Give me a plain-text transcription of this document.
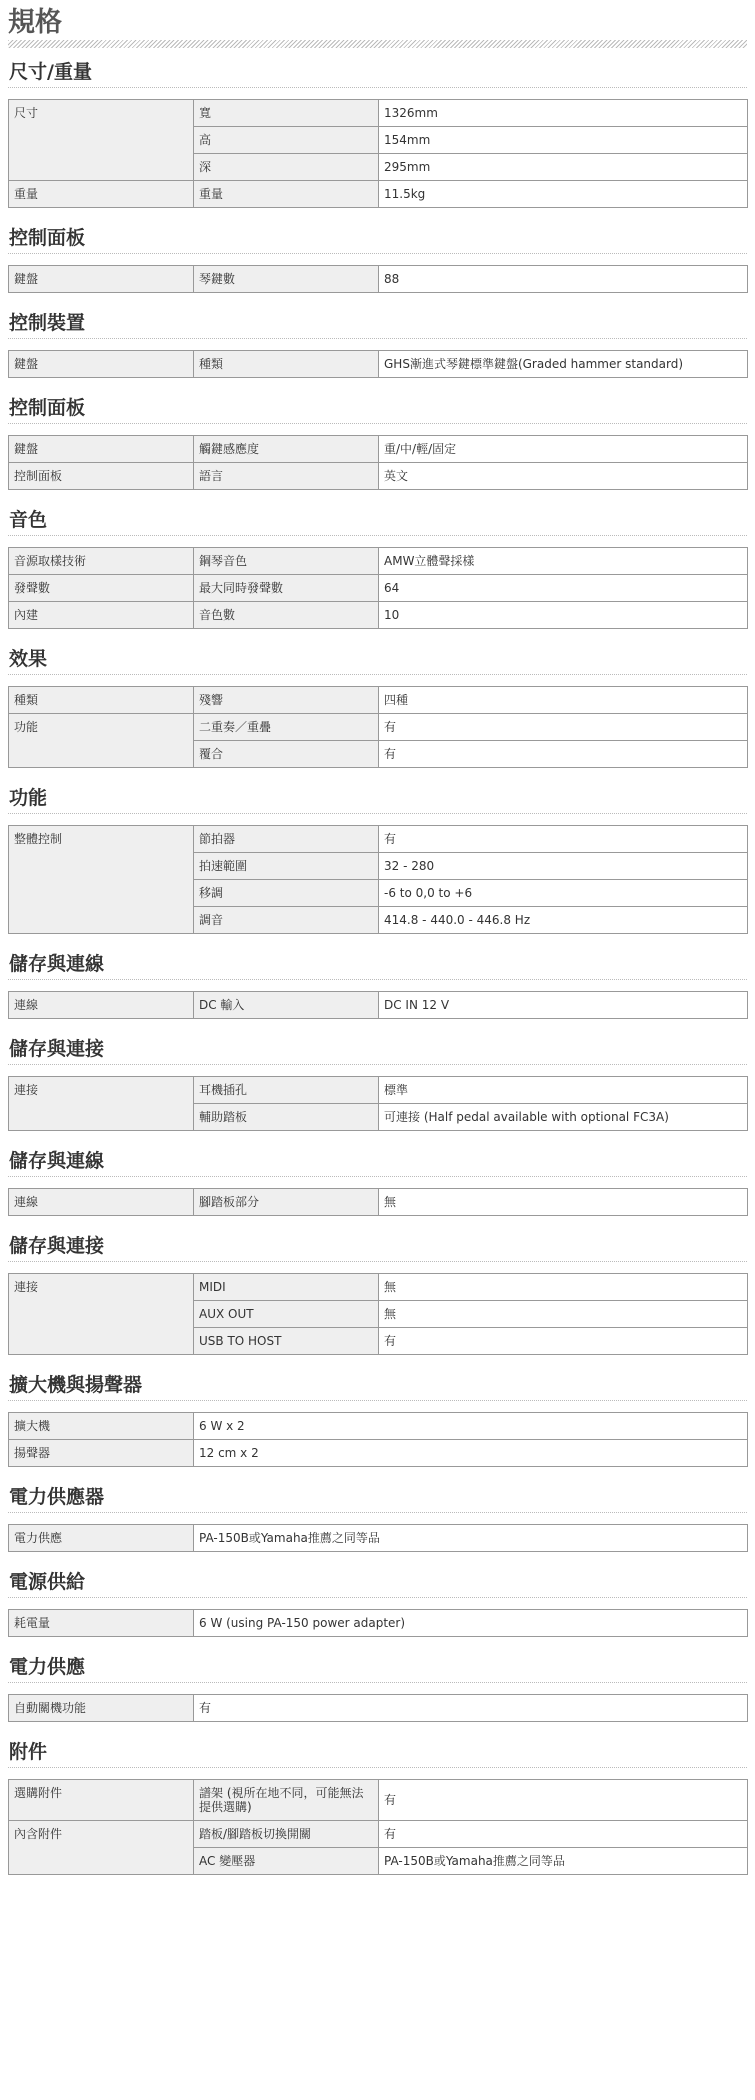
規格
尺寸/重量
尺寸	寬	1326mm
	高	154mm
	深	295mm
重量	重量	11.5kg
控制面板
鍵盤	琴鍵數	88
控制裝置
鍵盤	種類	GHS漸進式琴鍵標準鍵盤(Graded hammer standard)
控制面板
鍵盤	觸鍵感應度	重/中/輕/固定
控制面板	語言	英文
音色
音源取樣技術	鋼琴音色	AMW立體聲採樣
發聲數	最大同時發聲數	64
內建	音色數	10
效果
種類	殘響	四種
功能	二重奏／重疊	有
	覆合	有
功能
整體控制	節拍器	有
	拍速範圍	32 - 280
	移調	-6 to 0,0 to +6
	調音	414.8 - 440.0 - 446.8 Hz
儲存與連線
連線	DC 輸入	DC IN 12 V
儲存與連接
連接	耳機插孔	標準
	輔助踏板	可連接 (Half pedal available with optional FC3A)
儲存與連線
連線	腳踏板部分	無
儲存與連接
連接	MIDI	無
	AUX OUT	無
	USB TO HOST	有
擴大機與揚聲器
擴大機	6 W x 2
揚聲器	12 cm x 2
電力供應器
電力供應	PA-150B或Yamaha推薦之同等品
電源供給
耗電量	6 W (using PA-150 power adapter)
電力供應
自動關機功能	有
附件
選購附件	譜架 (視所在地不同，可能無法提供選購)	有
內含附件	踏板/腳踏板切換開關	有
	AC 變壓器	PA-150B或Yamaha推薦之同等品
